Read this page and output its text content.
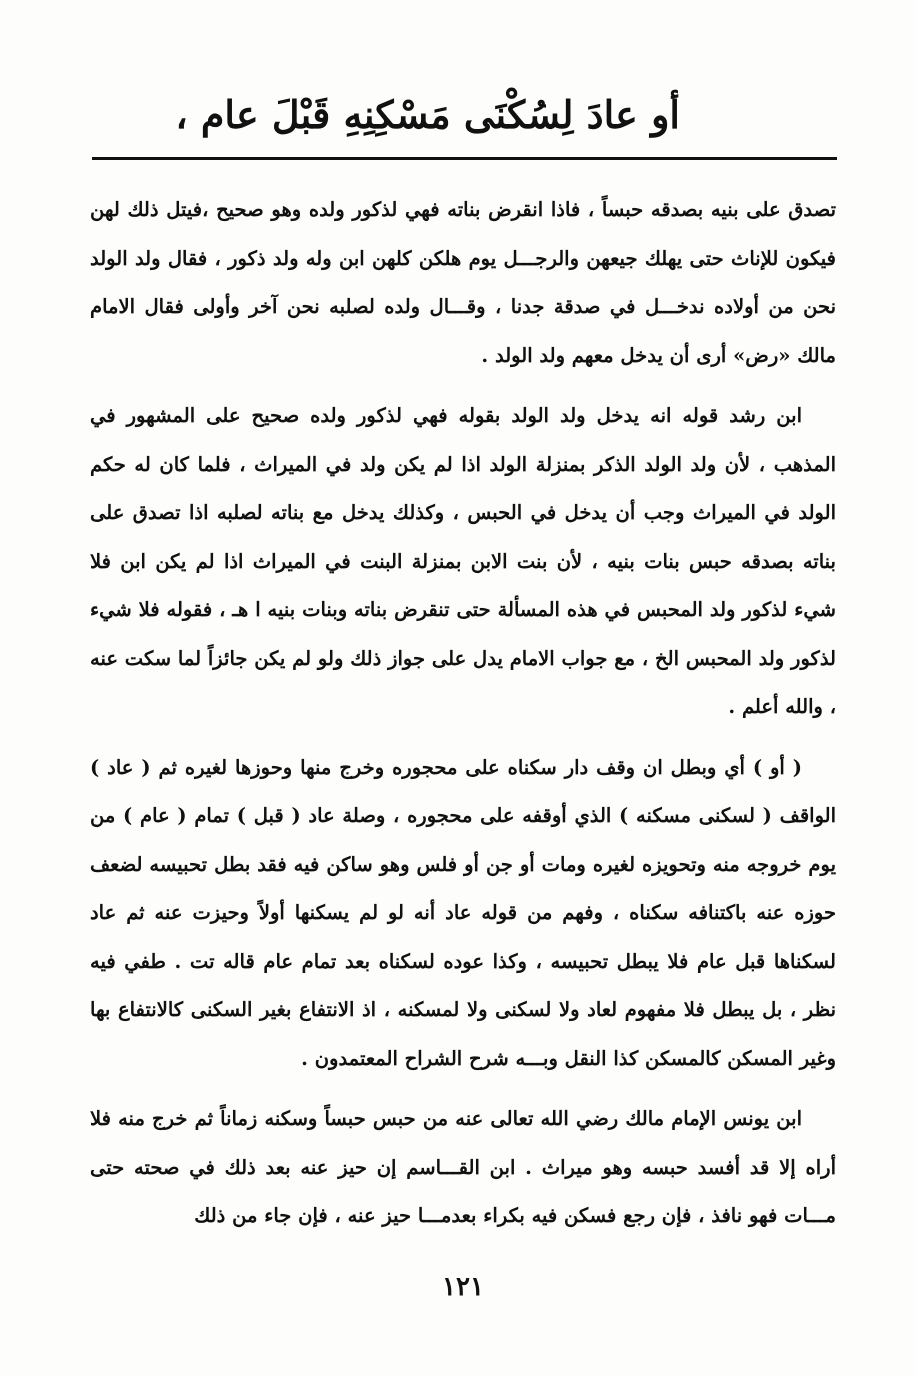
أو عادَ لِسُكْنَى مَسْكِنِهِ قَبْلَ عام ،

تصدق على بنيه بصدقه حبساً ، فاذا انقرض بناته فهي لذكور ولده وهو صحيح ،فيتل ذلك لهن فيكون للإناث حتى يهلك جيعهن والرجـــل يوم هلكن كلهن ابن وله ولد ذكور ، فقال ولد الولد نحن من أولاده ندخـــل في صدقة جدنا ، وقـــال ولده لصلبه نحن آخر وأولى فقال الامام مالك «رض» أرى أن يدخل معهم ولد الولد .

ابن رشد قوله انه يدخل ولد الولد بقوله فهي لذكور ولده صحيح على المشهور في المذهب ، لأن ولد الولد الذكر بمنزلة الولد اذا لم يكن ولد في الميراث ، فلما كان له حكم الولد في الميراث وجب أن يدخل في الحبس ، وكذلك يدخل مع بناته لصلبه اذا تصدق على بناته بصدقه حبس بنات بنيه ، لأن بنت الابن بمنزلة البنت في الميراث اذا لم يكن ابن فلا شيء لذكور ولد المحبس في هذه المسألة حتى تنقرض بناته وبنات بنيه ا هـ ، فقوله فلا شيء لذكور ولد المحبس الخ ، مع جواب الامام يدل على جواز ذلك ولو لم يكن جائزاً لما سكت عنه ، والله أعلم .

( أو ) أي وبطل ان وقف دار سكناه على محجوره وخرج منها وحوزها لغيره ثم ( عاد ) الواقف ( لسكنى مسكنه ) الذي أوقفه على محجوره ، وصلة عاد ( قبل ) تمام ( عام ) من يوم خروجه منه وتحويزه لغيره ومات أو جن أو فلس وهو ساكن فيه فقد بطل تحبيسه لضعف حوزه عنه باكتنافه سكناه ، وفهم من قوله عاد أنه لو لم يسكنها أولاً وحيزت عنه ثم عاد لسكناها قبل عام فلا يبطل تحبيسه ، وكذا عوده لسكناه بعد تمام عام قاله تت . طفي فيه نظر ، بل يبطل فلا مفهوم لعاد ولا لسكنى ولا لمسكنه ، اذ الانتفاع بغير السكنى كالانتفاع بها وغير المسكن كالمسكن كذا النقل وبـــه شرح الشراح المعتمدون .

ابن يونس الإمام مالك رضي الله تعالى عنه من حبس حبساً وسكنه زماناً ثم خرج منه فلا أراه إلا قد أفسد حبسه وهو ميراث . ابن القـــاسم إن حيز عنه بعد ذلك في صحته حتى مـــات فهو نافذ ، فإن رجع فسكن فيه بكراء بعدمـــا حيز عنه ، فإن جاء من ذلك

١٢١
